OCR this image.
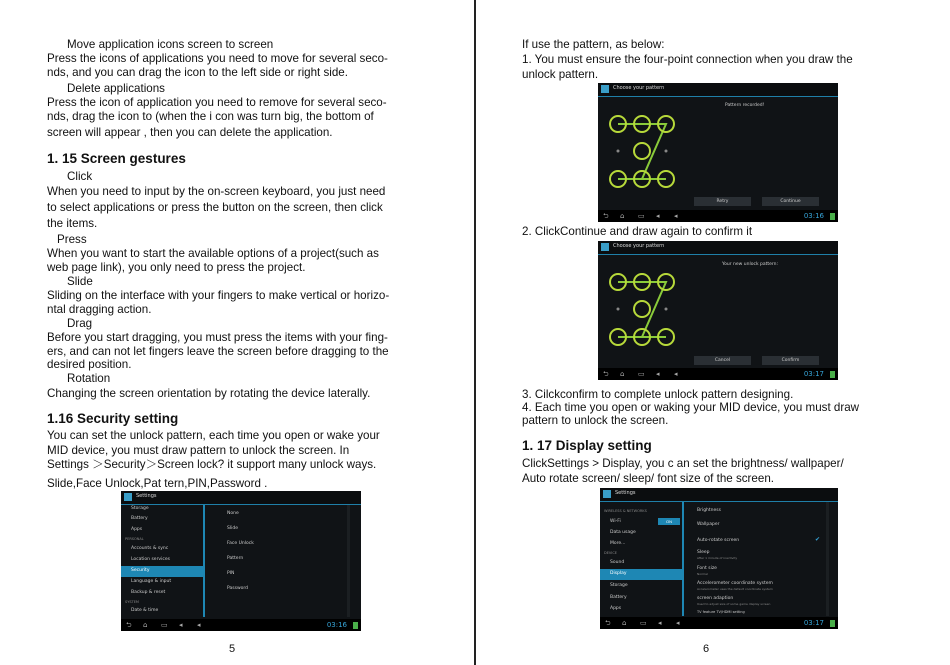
Move application icons screen to screen
Press the icons of applications you need to move for several seco-
nds, and you can drag the icon to the left side or right side.
Delete applications
Press the icon of application you need to remove for several seco-
nds, drag the icon to (when the i con was turn big, the bottom of
screen will appear , then you can delete the application.
1. 15 Screen gestures
Click
When you need to input by the on-screen keyboard, you just need
to select applications or press the button on the screen, then click
the items.
Press
When you want to start the available options of a project(such as
web page link), you only need to press the project.
Slide
Sliding on the interface with your fingers to make vertical or horizo-
ntal dragging action.
Drag
Before you start dragging, you must press the items with your fing-
ers, and can not let fingers leave the screen before dragging to the
desired position.
Rotation
Changing the screen orientation by rotating the device laterally.
1.16 Security setting
You can set the unlock pattern, each time you open or wake your
MID device, you must draw pattern to unlock the screen. In
Settings ＞Security＞Screen lock? it support many unlock ways.
Slide,Face Unlock,Pat tern,PIN,Password .
Settings
Storage
Battery
Apps
PERSONAL
Accounts & sync
Location services
Security
Language & input
Backup & reset
SYSTEM
Date & time
None
Slide
Face Unlock
Pattern
PIN
Password
⮌ ⌂ ▭ ◂ ◂	03:16
5
If use the pattern, as below:
1. You must ensure the four-point connection when you draw the
unlock pattern.
Choose your pattern
Pattern recorded!
Retry	Continue
⮌ ⌂ ▭ ◂ ◂	03:16
2. ClickContinue and draw again to confirm it
Choose your pattern
Your new unlock pattern:
Cancel	Confirm
⮌ ⌂ ▭ ◂ ◂	03:17
3. Cilckconfirm to complete unlock pattern designing.
4. Each time you open or waking your MID device, you must draw
pattern to unlock the screen.
1. 17 Display setting
ClickSettings > Display, you c an set the brightness/ wallpaper/
Auto rotate screen/ sleep/ font size of the screen.
Settings
WIRELESS & NETWORKS
Wi-Fi	ON
Data usage
More...
DEVICE
Sound
Display
Storage
Battery
Apps
Brightness
Wallpaper
Auto-rotate screen	✔
Sleep
After 1 minute of inactivity
Font size
Normal
Accelerometer coordinate system
Accelerometer uses the default coordinate system
screen adaption
Used to adjust size of some game display screen
TV feature TV/HDMI setting
⮌ ⌂ ▭ ◂ ◂	03:17
6
